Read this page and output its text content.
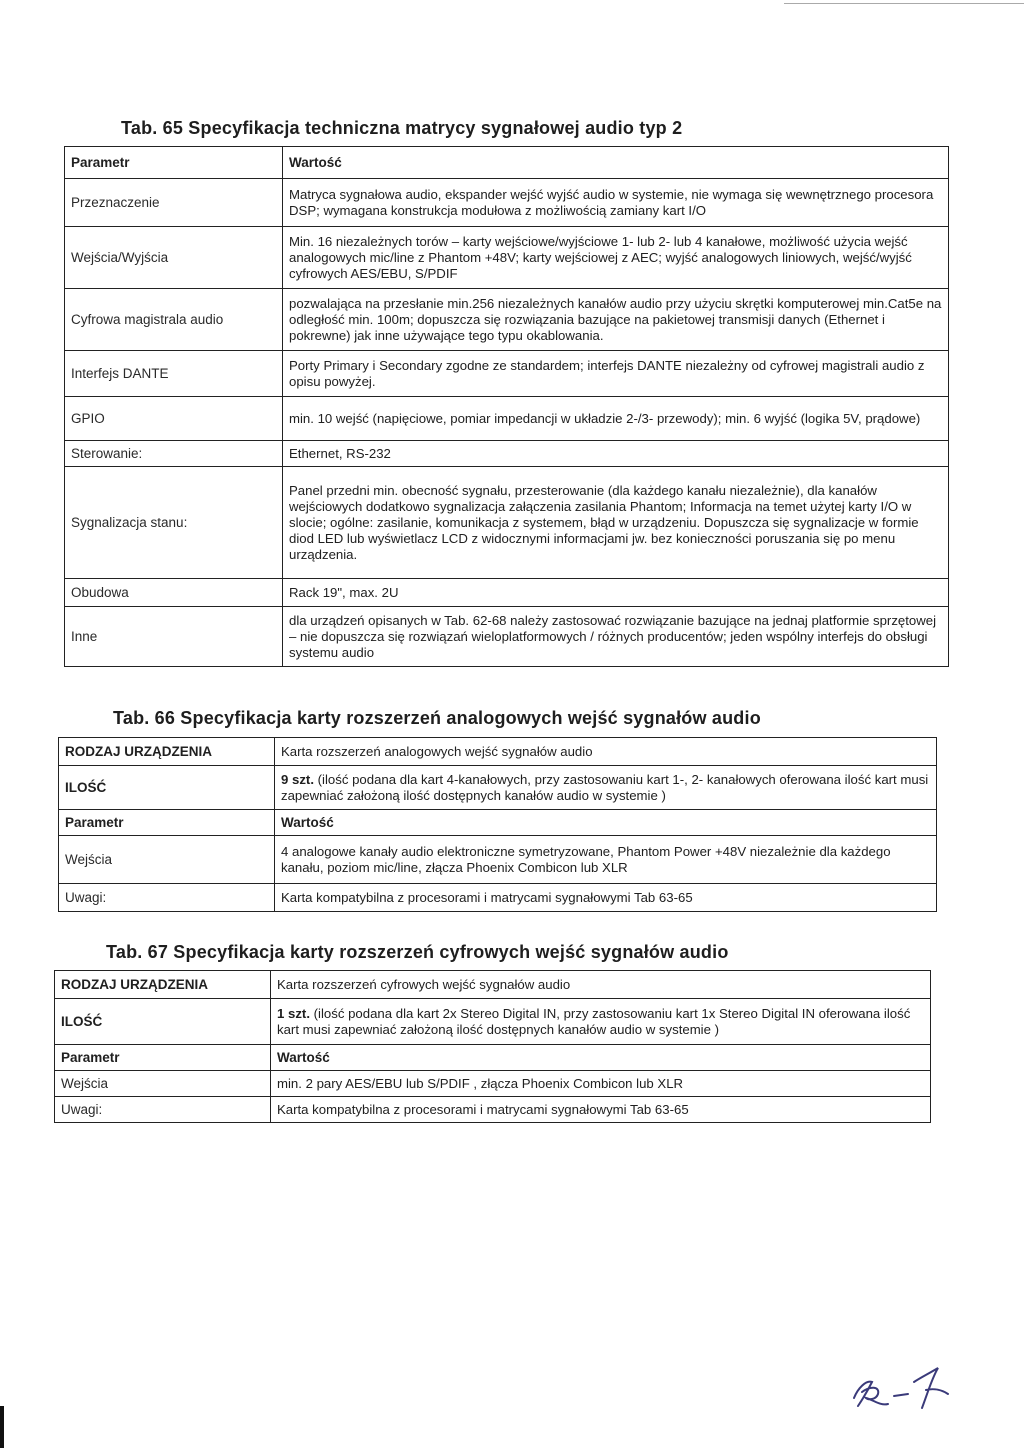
Tab. 65 Specyfikacja techniczna matrycy sygnałowej audio typ 2
Parametr	Wartość
Przeznaczenie	Matryca sygnałowa audio, ekspander wejść wyjść audio w systemie, nie wymaga się wewnętrznego procesora DSP; wymagana konstrukcja modułowa z możliwością zamiany kart I/O
Wejścia/Wyjścia	Min. 16 niezależnych torów – karty wejściowe/wyjściowe 1- lub 2- lub 4 kanałowe, możliwość użycia wejść analogowych mic/line z Phantom +48V; karty wejściowej z AEC; wyjść analogowych liniowych, wejść/wyjść cyfrowych AES/EBU, S/PDIF
Cyfrowa magistrala audio	pozwalająca na przesłanie min.256 niezależnych kanałów audio przy użyciu skrętki komputerowej min.Cat5e na odległość min. 100m; dopuszcza się rozwiązania bazujące na pakietowej transmisji danych (Ethernet i pokrewne) jak inne używające tego typu okablowania.
Interfejs DANTE	Porty Primary i Secondary zgodne ze standardem; interfejs DANTE niezależny od cyfrowej magistrali audio z opisu powyżej.
GPIO	min. 10 wejść (napięciowe, pomiar impedancji w układzie 2-/3- przewody); min. 6 wyjść (logika 5V, prądowe)
Sterowanie:	Ethernet, RS-232
Sygnalizacja stanu:	Panel przedni min. obecność sygnału, przesterowanie (dla każdego kanału niezależnie), dla kanałów wejściowych dodatkowo sygnalizacja załączenia zasilania Phantom; Informacja na temet użytej karty I/O w slocie; ogólne: zasilanie, komunikacja z systemem, błąd w urządzeniu. Dopuszcza się sygnalizacje w formie diod LED lub wyświetlacz LCD z widocznymi informacjami jw. bez konieczności poruszania się po menu urządzenia.
Obudowa	Rack 19", max. 2U
Inne	dla urządzeń opisanych w Tab. 62-68 należy zastosować rozwiązanie bazujące na jednaj platformie sprzętowej – nie dopuszcza się rozwiązań wieloplatformowych / różnych producentów; jeden wspólny interfejs do obsługi systemu audio
Tab. 66 Specyfikacja karty rozszerzeń analogowych wejść sygnałów audio
RODZAJ URZĄDZENIA	Karta rozszerzeń analogowych wejść sygnałów audio
ILOŚĆ	9 szt. (ilość podana dla kart 4-kanałowych, przy zastosowaniu kart 1-, 2- kanałowych oferowana ilość kart musi zapewniać założoną ilość dostępnych kanałów audio w systemie )
Parametr	Wartość
Wejścia	4 analogowe kanały audio elektroniczne symetryzowane, Phantom Power +48V niezależnie dla każdego kanału, poziom mic/line, złącza Phoenix Combicon lub XLR
Uwagi:	Karta kompatybilna z procesorami i matrycami sygnałowymi Tab 63-65
Tab. 67 Specyfikacja karty rozszerzeń cyfrowych wejść sygnałów audio
RODZAJ URZĄDZENIA	Karta rozszerzeń cyfrowych wejść sygnałów audio
ILOŚĆ	1 szt. (ilość podana dla kart 2x Stereo Digital IN, przy zastosowaniu kart 1x Stereo Digital IN oferowana ilość kart musi zapewniać założoną ilość dostępnych kanałów audio w systemie )
Parametr	Wartość
Wejścia	min. 2 pary AES/EBU lub S/PDIF , złącza Phoenix Combicon lub XLR
Uwagi:	Karta kompatybilna z procesorami i matrycami sygnałowymi Tab 63-65
